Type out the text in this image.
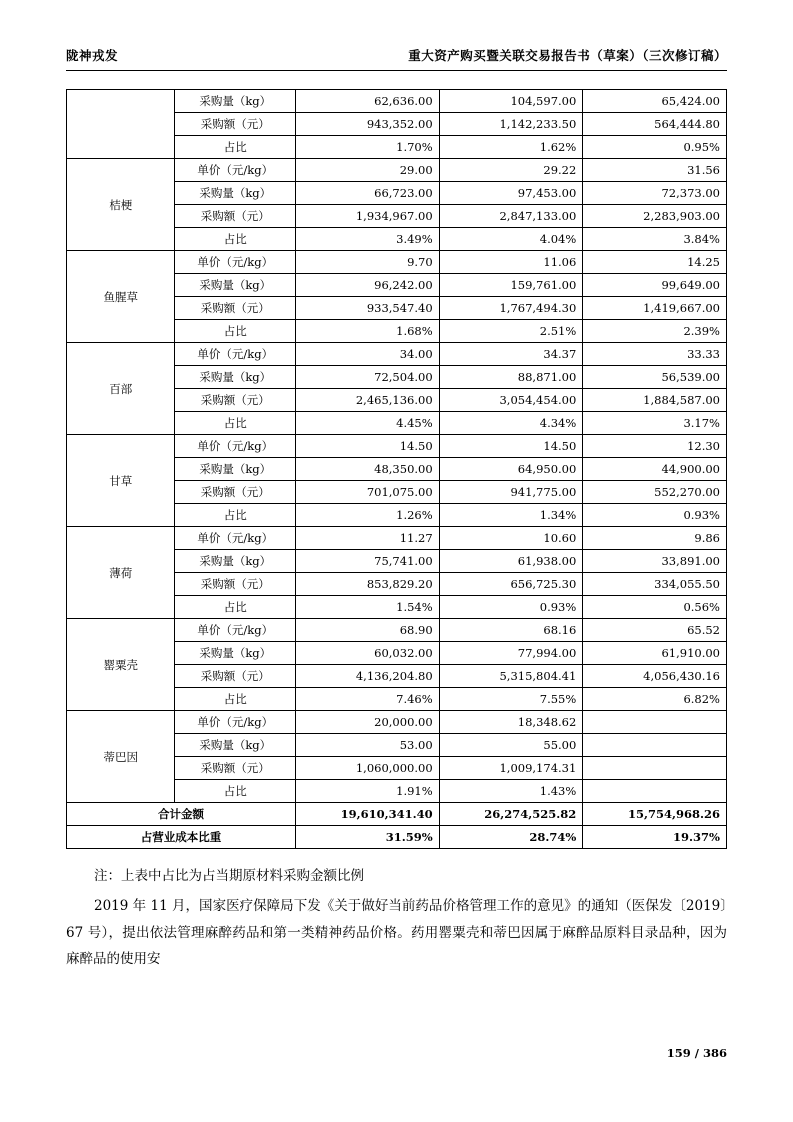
陇神戎发	重大资产购买暨关联交易报告书（草案）（三次修订稿）
	采购量（kg）	62,636.00	104,597.00	65,424.00
	采购额（元）	943,352.00	1,142,233.50	564,444.80
	占比	1.70%	1.62%	0.95%
桔梗	单价（元/kg）	29.00	29.22	31.56
	采购量（kg）	66,723.00	97,453.00	72,373.00
	采购额（元）	1,934,967.00	2,847,133.00	2,283,903.00
	占比	3.49%	4.04%	3.84%
鱼腥草	单价（元/kg）	9.70	11.06	14.25
	采购量（kg）	96,242.00	159,761.00	99,649.00
	采购额（元）	933,547.40	1,767,494.30	1,419,667.00
	占比	1.68%	2.51%	2.39%
百部	单价（元/kg）	34.00	34.37	33.33
	采购量（kg）	72,504.00	88,871.00	56,539.00
	采购额（元）	2,465,136.00	3,054,454.00	1,884,587.00
	占比	4.45%	4.34%	3.17%
甘草	单价（元/kg）	14.50	14.50	12.30
	采购量（kg）	48,350.00	64,950.00	44,900.00
	采购额（元）	701,075.00	941,775.00	552,270.00
	占比	1.26%	1.34%	0.93%
薄荷	单价（元/kg）	11.27	10.60	9.86
	采购量（kg）	75,741.00	61,938.00	33,891.00
	采购额（元）	853,829.20	656,725.30	334,055.50
	占比	1.54%	0.93%	0.56%
罂粟壳	单价（元/kg）	68.90	68.16	65.52
	采购量（kg）	60,032.00	77,994.00	61,910.00
	采购额（元）	4,136,204.80	5,315,804.41	4,056,430.16
	占比	7.46%	7.55%	6.82%
蒂巴因	单价（元/kg）	20,000.00	18,348.62	
	采购量（kg）	53.00	55.00	
	采购额（元）	1,060,000.00	1,009,174.31	
	占比	1.91%	1.43%	
合计金额		19,610,341.40	26,274,525.82	15,754,968.26
占营业成本比重		31.59%	28.74%	19.37%
注：上表中占比为占当期原材料采购金额比例
2019 年 11 月，国家医疗保障局下发《关于做好当前药品价格管理工作的意见》的通知（医保发〔2019〕67 号），提出依法管理麻醉药品和第一类精神药品价格。药用罂粟壳和蒂巴因属于麻醉品原料目录品种，因为麻醉品的使用安
159 / 386
